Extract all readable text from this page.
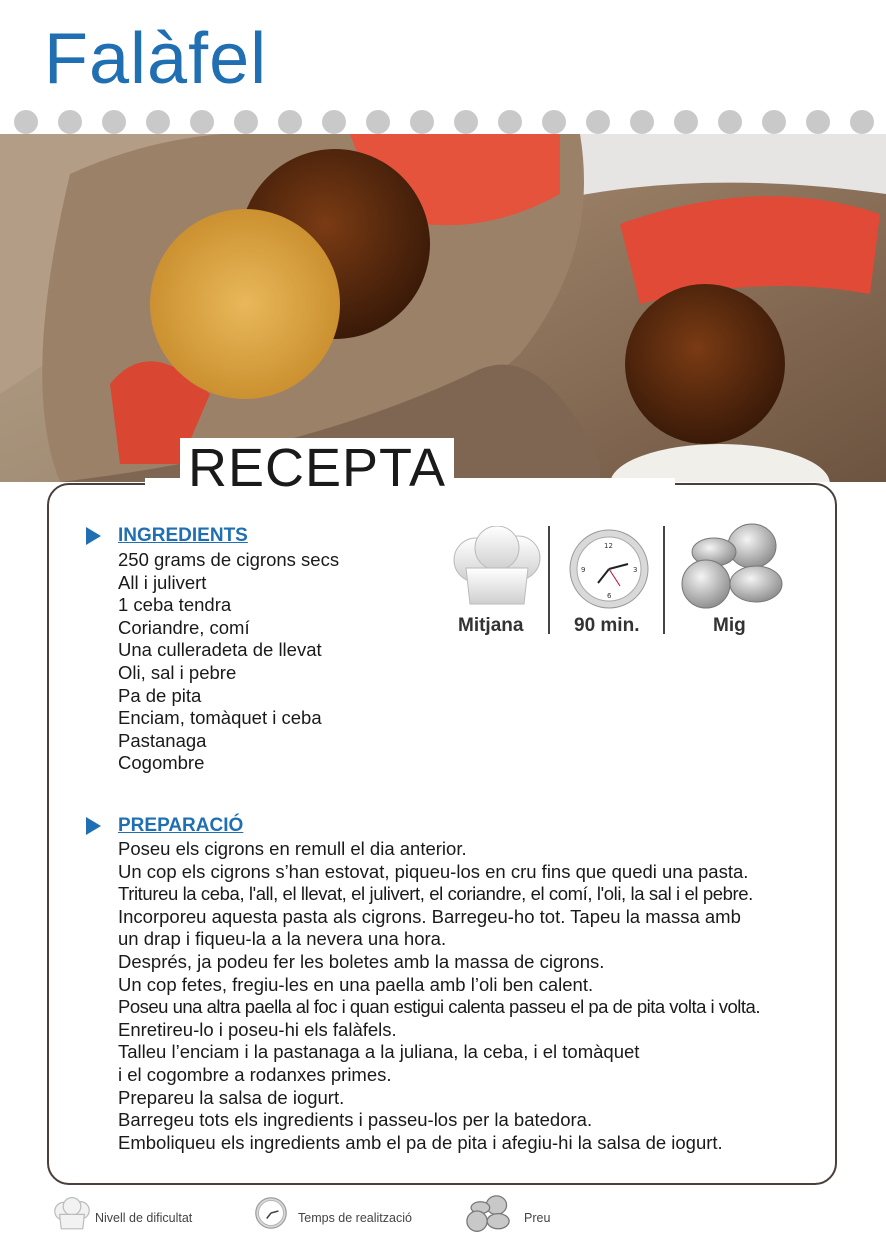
Falàfel
RECEPTA
INGREDIENTS
250 grams de cigrons secs
All i julivert
1 ceba tendra
Coriandre, comí
Una culleradeta de llevat
Oli, sal i pebre
Pa de pita
Enciam, tomàquet i ceba
Pastanaga
Cogombre
Mitjana
12
3
6
9
90 min.	Mig
PREPARACIÓ
Poseu els cigrons en remull el dia anterior.
Un cop els cigrons s’han estovat, piqueu-los en cru fins que quedi una pasta.
Tritureu la ceba, l'all, el llevat, el julivert, el coriandre, el comí, l'oli, la sal i el pebre.
Incorporeu aquesta pasta als cigrons. Barregeu-ho tot. Tapeu la massa amb
un drap i fiqueu-la a la nevera una hora.
Després, ja podeu fer les boletes amb la massa de cigrons.
Un cop fetes, fregiu-les en una paella amb l’oli ben calent.
Poseu una altra paella al foc i quan estigui calenta passeu el pa de pita volta i volta.
Enretireu-lo i poseu-hi els falàfels.
Talleu l’enciam i la pastanaga a la juliana, la ceba, i el tomàquet
i el cogombre a rodanxes primes.
Prepareu la salsa de iogurt.
Barregeu tots els ingredients i passeu-los per la batedora.
Emboliqueu els ingredients amb el pa de pita i afegiu-hi la salsa de iogurt.
Nivell de dificultat	Temps de realització	Preu
